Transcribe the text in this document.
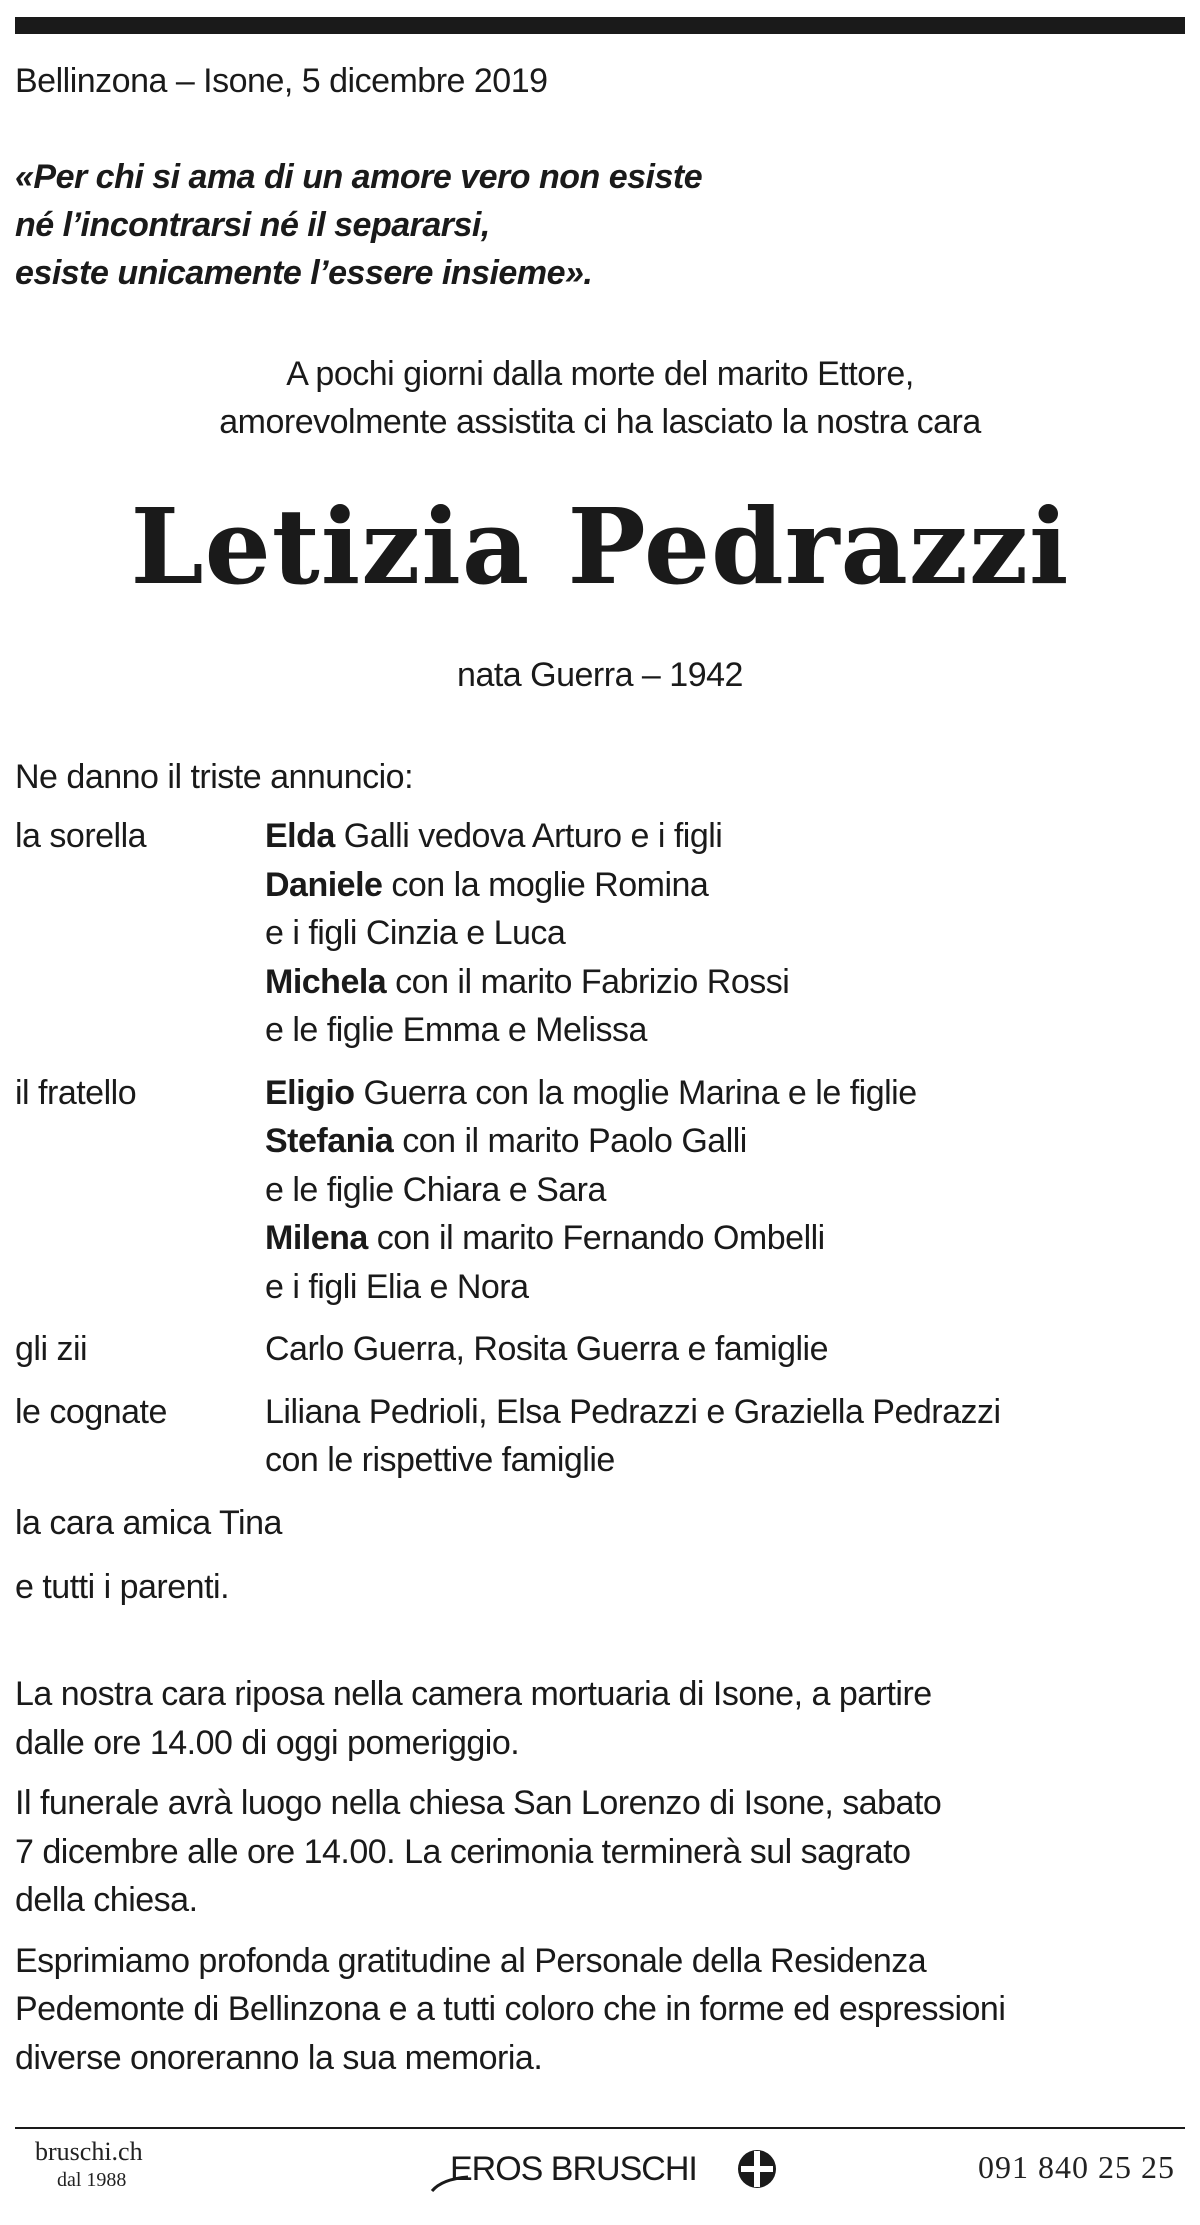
Bellinzona – Isone, 5 dicembre 2019
«Per chi si ama di un amore vero non esiste
né l’incontrarsi né il separarsi,
esiste unicamente l’essere insieme».
A pochi giorni dalla morte del marito Ettore,
amorevolmente assistita ci ha lasciato la nostra cara
Letizia Pedrazzi
nata Guerra – 1942
Ne danno il triste annuncio:
la sorella	Elda Galli vedova Arturo e i figli
Daniele con la moglie Romina
e i figli Cinzia e Luca
Michela con il marito Fabrizio Rossi
e le figlie Emma e Melissa
il fratello	Eligio Guerra con la moglie Marina e le figlie
Stefania con il marito Paolo Galli
e le figlie Chiara e Sara
Milena con il marito Fernando Ombelli
e i figli Elia e Nora
gli zii	Carlo Guerra, Rosita Guerra e famiglie
le cognate	Liliana Pedrioli, Elsa Pedrazzi e Graziella Pedrazzi
con le rispettive famiglie
la cara amica Tina
e tutti i parenti.
La nostra cara riposa nella camera mortuaria di Isone, a partire
dalle ore 14.00 di oggi pomeriggio.
Il funerale avrà luogo nella chiesa San Lorenzo di Isone, sabato
7 dicembre alle ore 14.00. La cerimonia terminerà sul sagrato
della chiesa.
Esprimiamo profonda gratitudine al Personale della Residenza
Pedemonte di Bellinzona e a tutti coloro che in forme ed espressioni
diverse onoreranno la sua memoria.
bruschi.ch
dal 1988	EROS BRUSCHI	091 840 25 25
